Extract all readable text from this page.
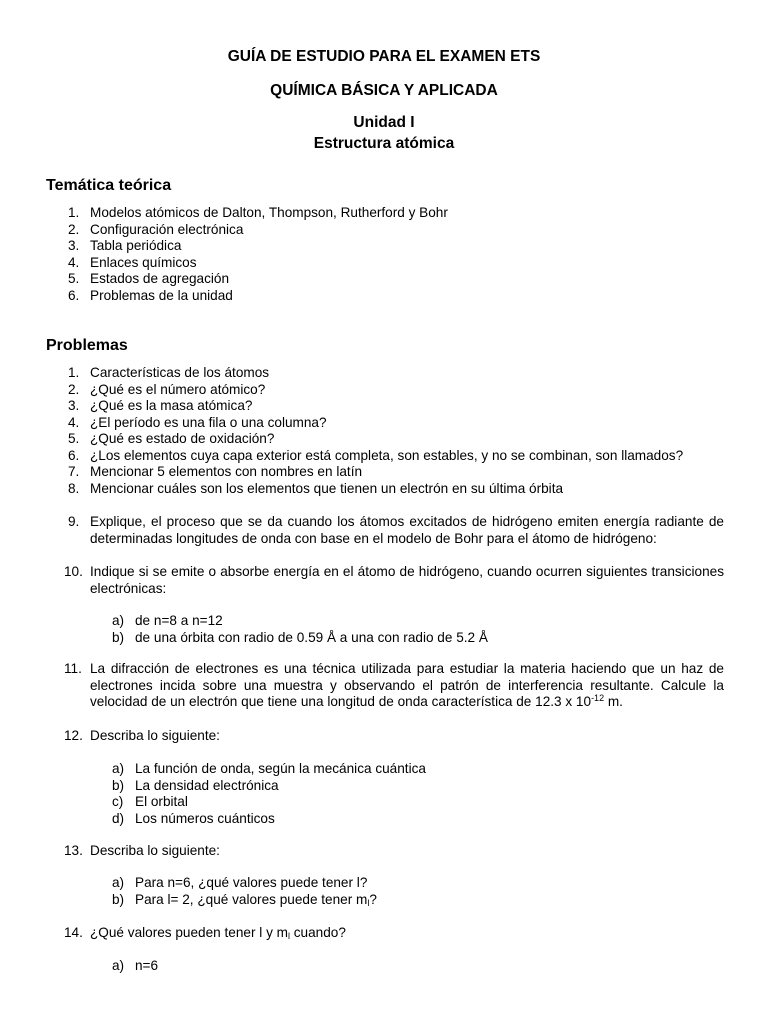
GUÍA DE ESTUDIO PARA EL EXAMEN ETS
QUÍMICA BÁSICA Y APLICADA
Unidad I
Estructura atómica
Temática teórica
1. Modelos atómicos de Dalton, Thompson, Rutherford y Bohr
2. Configuración electrónica
3. Tabla periódica
4. Enlaces químicos
5. Estados de agregación
6. Problemas de la unidad
Problemas
1. Características de los átomos
2. ¿Qué es el número atómico?
3. ¿Qué es la masa atómica?
4. ¿El período es una fila o una columna?
5. ¿Qué es estado de oxidación?
6. ¿Los elementos cuya capa exterior está completa, son estables, y no se combinan, son llamados?
7. Mencionar 5 elementos con nombres en latín
8. Mencionar cuáles son los elementos que tienen un electrón en su última órbita
9. Explique, el proceso que se da cuando los átomos excitados de hidrógeno emiten energía radiante de determinadas longitudes de onda con base en el modelo de Bohr para el átomo de hidrógeno:
10. Indique si se emite o absorbe energía en el átomo de hidrógeno, cuando ocurren siguientes transiciones electrónicas:
a) de n=8 a n=12
b) de una órbita con radio de 0.59 Å a una con radio de 5.2 Å
11. La difracción de electrones es una técnica utilizada para estudiar la materia haciendo que un haz de electrones incida sobre una muestra y observando el patrón de interferencia resultante. Calcule la velocidad de un electrón que tiene una longitud de onda característica de 12.3 x $10^{-12}$ m.
12. Describa lo siguiente:
a) La función de onda, según la mecánica cuántica
b) La densidad electrónica
c) El orbital
d) Los números cuánticos
13. Describa lo siguiente:
a) Para n=6, ¿qué valores puede tener l?
b) Para l= 2, ¿qué valores puede tener $m_l$?
14. ¿Qué valores pueden tener l y $m_l$ cuando?
a) n=6
